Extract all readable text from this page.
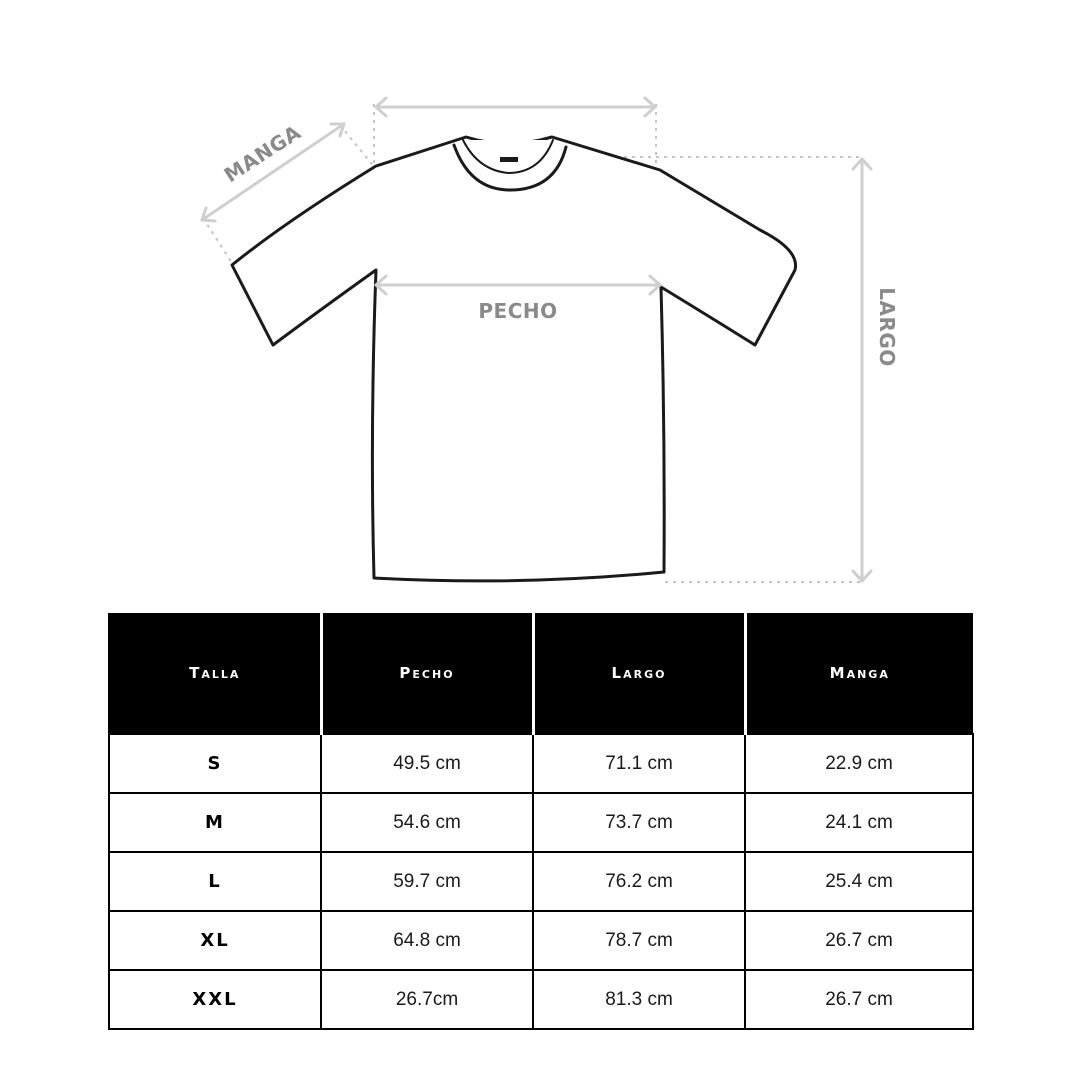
MANGA
PECHO	LARGO
Talla	Pecho	Largo	Manga
S	49.5 cm	71.1 cm	22.9 cm
M	54.6 cm	73.7 cm	24.1 cm
L	59.7 cm	76.2 cm	25.4 cm
XL	64.8 cm	78.7 cm	26.7 cm
XXL	26.7cm	81.3 cm	26.7 cm
